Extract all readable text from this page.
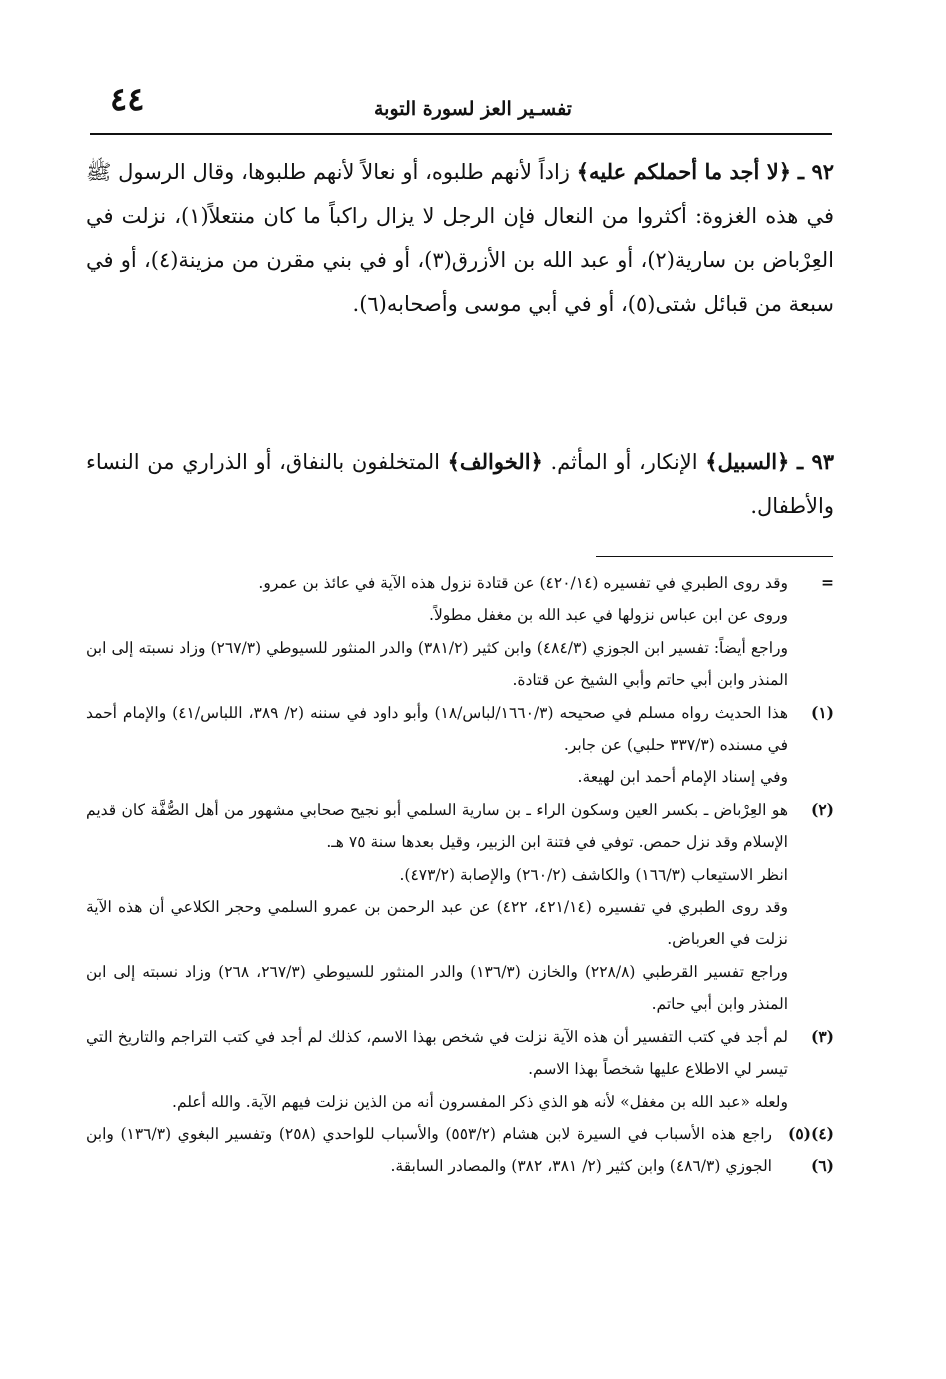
٤٤	تفسـير العز لسورة التوبة
٩٢ ـ ﴿لا أجد ما أحملكم عليه﴾ زاداً لأنهم طلبوه، أو نعالاً لأنهم طلبوها، وقال الرسول ﷺ في هذه الغزوة: أكثروا من النعال فإن الرجل لا يزال راكباً ما كان منتعلاً(١)، نزلت في العِرْباض بن سارية(٢)، أو عبد الله بن الأزرق(٣)، أو في بني مقرن من مزينة(٤)، أو في سبعة من قبائل شتى(٥)، أو في أبي موسى وأصحابه(٦).
٩٣ ـ ﴿السبيل﴾ الإنكار، أو المأثم. ﴿الخوالف﴾ المتخلفون بالنفاق، أو الذراري من النساء والأطفال.
=

وقد روى الطبري في تفسيره (٤٢٠/١٤) عن قتادة نزول هذه الآية في عائذ بن عمرو.

وروى عن ابن عباس نزولها في عبد الله بن مغفل مطولاً.

وراجع أيضاً: تفسير ابن الجوزي (٤٨٤/٣) وابن كثير (٣٨١/٢) والدر المنثور للسيوطي (٢٦٧/٣) وزاد نسبته إلى ابن المنذر وابن أبي حاتم وأبي الشيخ عن قتادة.

(١)

هذا الحديث رواه مسلم في صحيحه (١٦٦٠/٣/لباس/١٨) وأبو داود في سننه (٢/ ٣٨٩، اللباس/٤١) والإمام أحمد في مسنده (٣٣٧/٣ حلبي) عن جابر.

وفي إسناد الإمام أحمد ابن لهيعة.

(٢)

هو العِرْباض ـ بكسر العين وسكون الراء ـ بن سارية السلمي أبو نجيح صحابي مشهور من أهل الصُّفَّة كان قديم الإسلام وقد نزل حمص. توفي في فتنة ابن الزبير، وقيل بعدها سنة ٧٥ هـ.

انظر الاستيعاب (١٦٦/٣) والكاشف (٢٦٠/٢) والإصابة (٤٧٣/٢).

وقد روى الطبري في تفسيره (٤٢١/١٤، ٤٢٢) عن عبد الرحمن بن عمرو السلمي وحجر الكلاعي أن هذه الآية نزلت في العرباض.

وراجع تفسير القرطبي (٢٢٨/٨) والخازن (١٣٦/٣) والدر المنثور للسيوطي (٢٦٧/٣، ٢٦٨) وزاد نسبته إلى ابن المنذر وابن أبي حاتم.

(٣)

لم أجد في كتب التفسير أن هذه الآية نزلت في شخص بهذا الاسم، كذلك لم أجد في كتب التراجم والتاريخ التي تيسر لي الاطلاع عليها شخصاً بهذا الاسم.

ولعله «عبد الله بن مغفل» لأنه هو الذي ذكر المفسرون أنه من الذين نزلت فيهم الآية. والله أعلم.

(٤)(٥)(٦)

راجع هذه الأسباب في السيرة لابن هشام (٥٥٣/٢) والأسباب للواحدي (٢٥٨) وتفسير البغوي (١٣٦/٣) وابن الجوزي (٤٨٦/٣) وابن كثير (٢/ ٣٨١، ٣٨٢) والمصادر السابقة.
